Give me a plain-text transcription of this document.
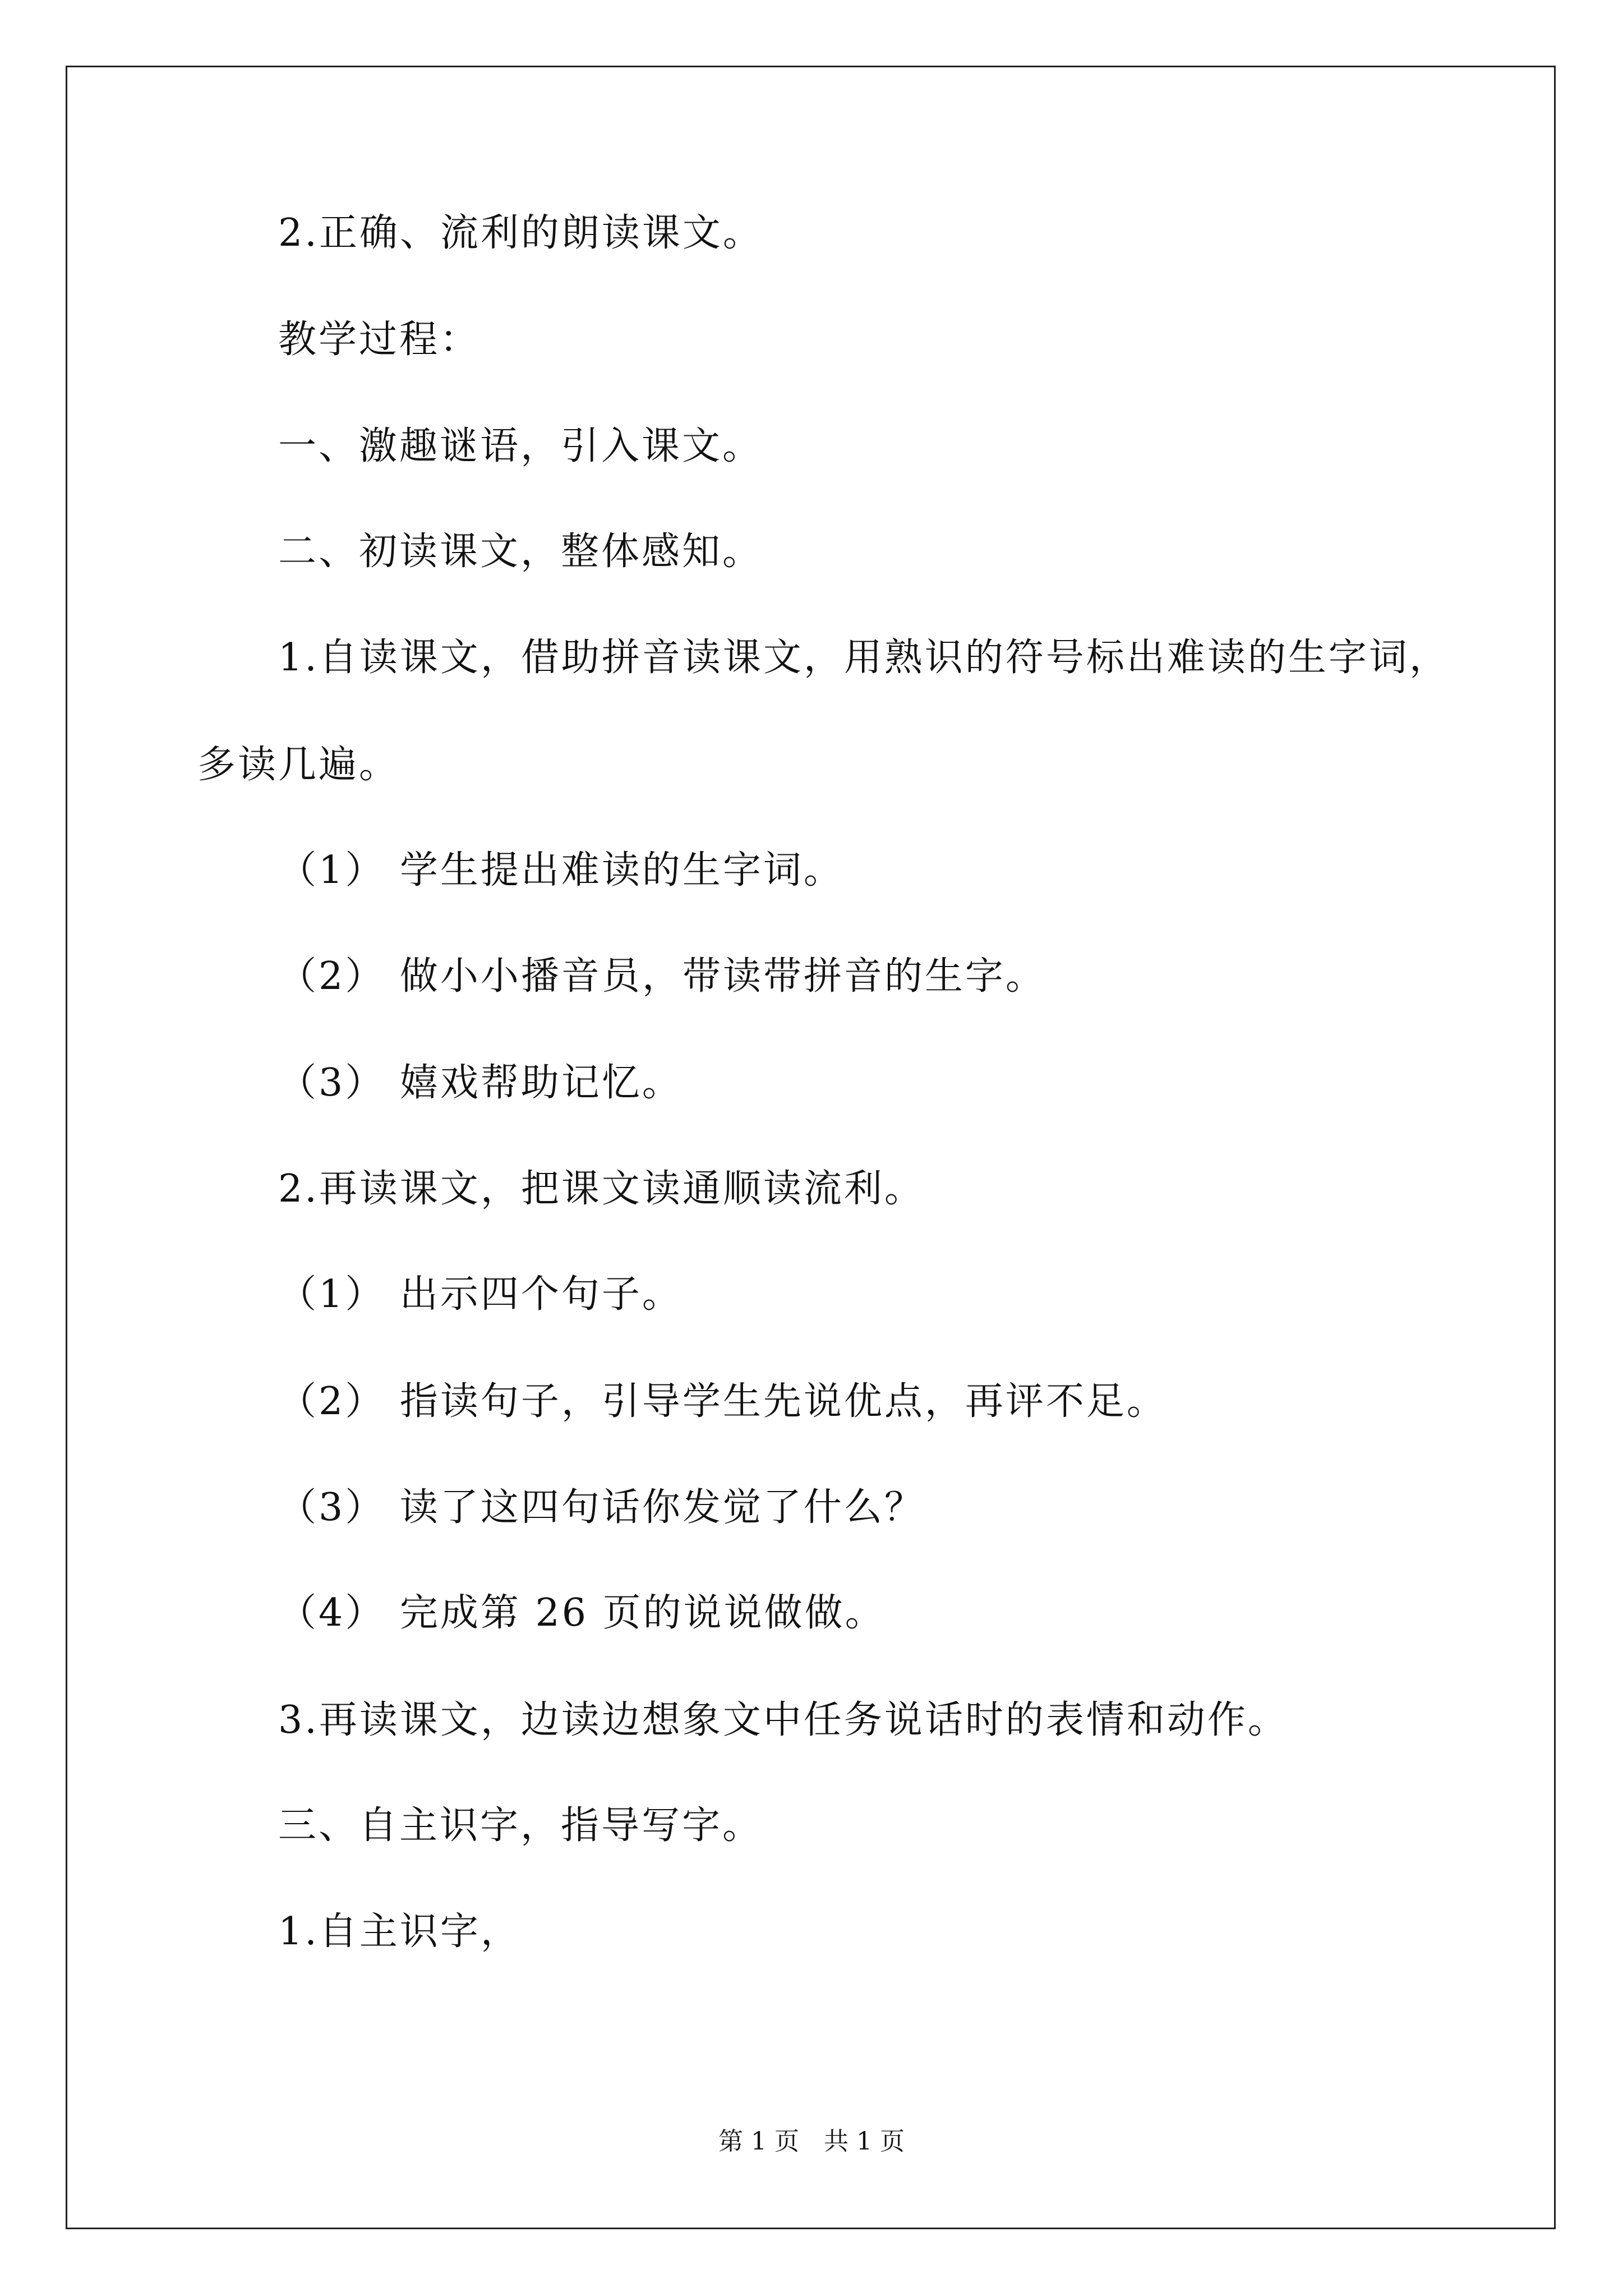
2.正确、流利的朗读课文。
教学过程：
一、激趣谜语，引入课文。
二、初读课文，整体感知。
1.自读课文，借助拼音读课文，用熟识的符号标出难读的生字词，
多读几遍。
（1） 学生提出难读的生字词。
（2） 做小小播音员，带读带拼音的生字。
（3） 嬉戏帮助记忆。
2.再读课文，把课文读通顺读流利。
（1） 出示四个句子。
（2） 指读句子，引导学生先说优点，再评不足。
（3） 读了这四句话你发觉了什么？
（4） 完成第 26 页的说说做做。
3.再读课文，边读边想象文中任务说话时的表情和动作。
三、自主识字，指导写字。
1.自主识字，
第 1 页　共 1 页
